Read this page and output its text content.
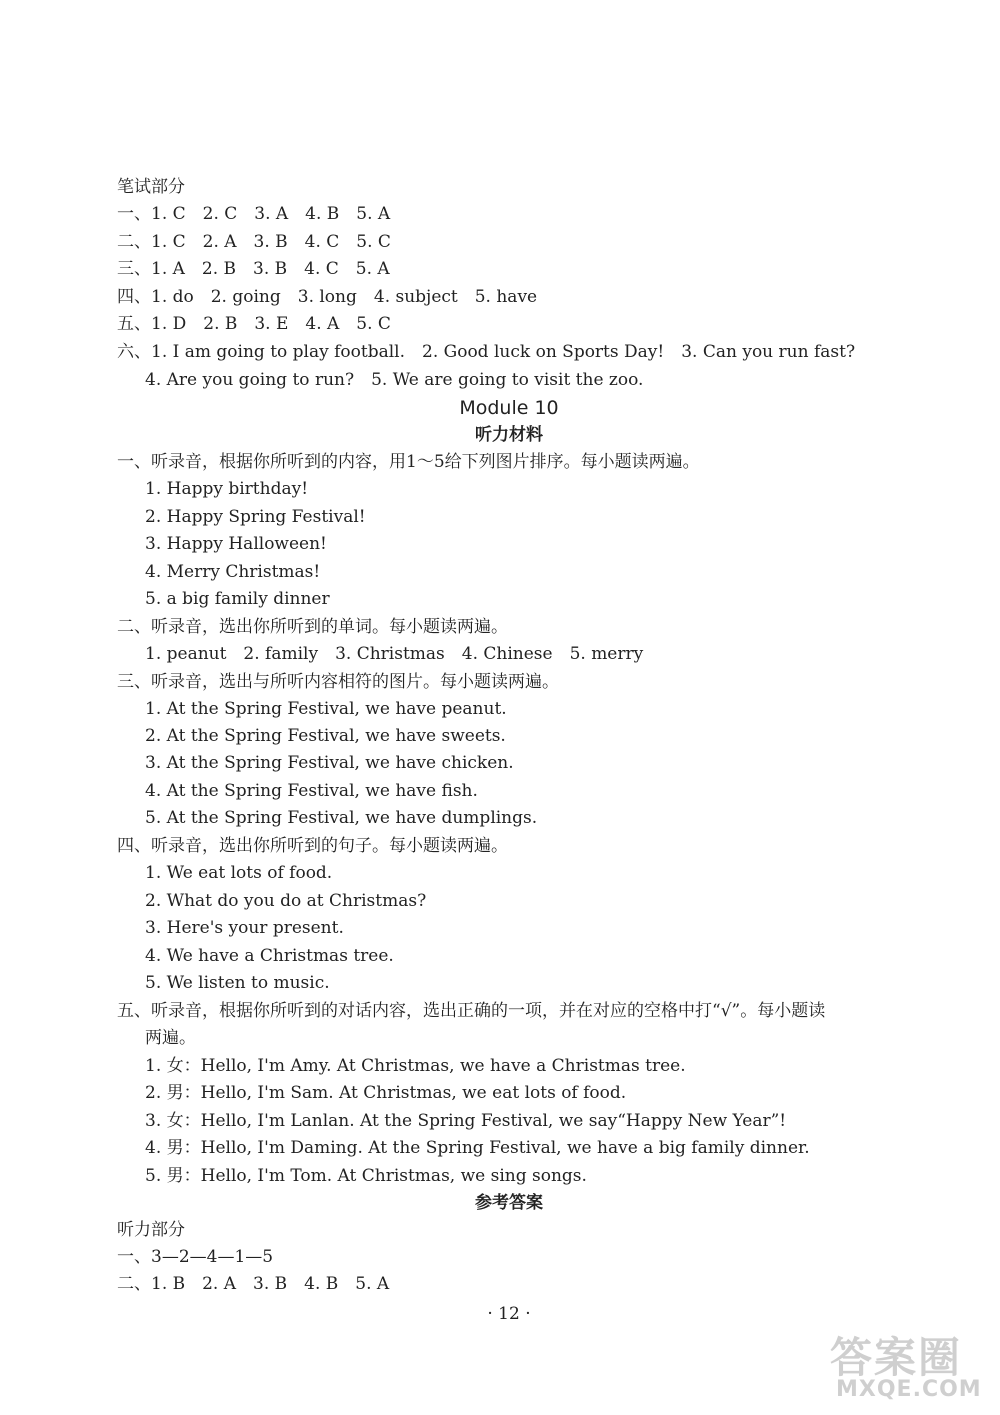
Module 10
听力材料
参考答案
· 12 ·
答案圈
MXQE.COM
笔试部分
一、1. C　2. C　3. A　4. B　5. A
二、1. C　2. A　3. B　4. C　5. C
三、1. A　2. B　3. B　4. C　5. A
四、1. do　2. going　3. long　4. subject　5. have
五、1. D　2. B　3. E　4. A　5. C
六、1. I am going to play football.　2. Good luck on Sports Day!　3. Can you run fast?
4. Are you going to run?　5. We are going to visit the zoo.
一、听录音，根据你所听到的内容，用1～5给下列图片排序。每小题读两遍。
1. Happy birthday!
2. Happy Spring Festival!
3. Happy Halloween!
4. Merry Christmas!
5. a big family dinner
二、听录音，选出你所听到的单词。每小题读两遍。
1. peanut　2. family　3. Christmas　4. Chinese　5. merry
三、听录音，选出与所听内容相符的图片。每小题读两遍。
1. At the Spring Festival, we have peanut.
2. At the Spring Festival, we have sweets.
3. At the Spring Festival, we have chicken.
4. At the Spring Festival, we have fish.
5. At the Spring Festival, we have dumplings.
四、听录音，选出你所听到的句子。每小题读两遍。
1. We eat lots of food.
2. What do you do at Christmas?
3. Here's your present.
4. We have a Christmas tree.
5. We listen to music.
五、听录音，根据你所听到的对话内容，选出正确的一项，并在对应的空格中打“√”。每小题读
两遍。
1. 女：Hello, I'm Amy. At Christmas, we have a Christmas tree.
2. 男：Hello, I'm Sam. At Christmas, we eat lots of food.
3. 女：Hello, I'm Lanlan. At the Spring Festival, we say“Happy New Year”!
4. 男：Hello, I'm Daming. At the Spring Festival, we have a big family dinner.
5. 男：Hello, I'm Tom. At Christmas, we sing songs.
听力部分
一、3—2—4—1—5
二、1. B　2. A　3. B　4. B　5. A
